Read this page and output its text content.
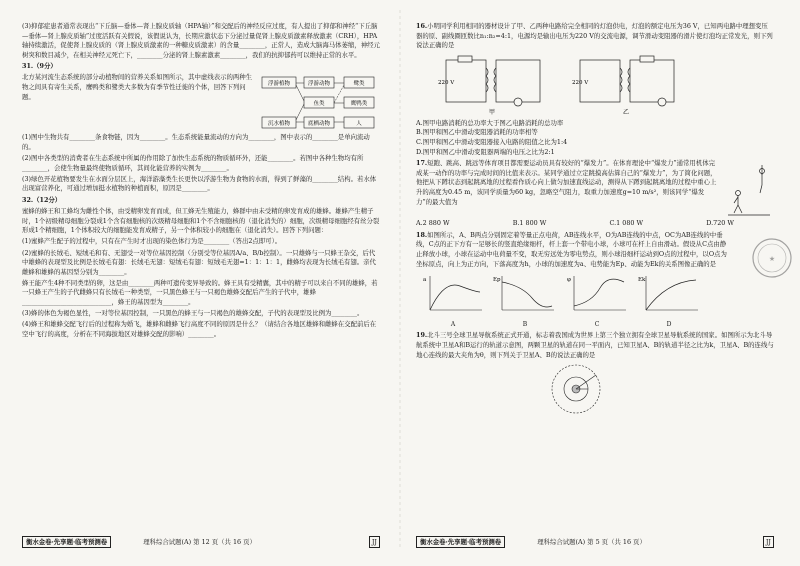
(3)抑郁症患者通常表现出“下丘脑—垂体—肾上腺皮质轴（HPA轴）”和交配后的神经反应过度，有人提出了抑郁和神经“下丘脑—垂体—肾上腺皮质轴”过度活跃有关假说，该假说认为，长期应激状态下分泌过量促肾上腺皮质激素释放激素（CRH），HPA轴持续激活，促使肾上腺皮质的（肾上腺皮质激素的一种糖皮质激素）的含量________，正常人，造成大脑海马体萎缩，神经元树突和数目减少，在相关神经元死亡下，________分泌的肾上腺素激素________，我们的抗抑郁药可以维持正常的水平。

31.（9分）

北方某河流生态系统的部分动植物间的营养关系如图所示，其中虚线表示的两种生物之间具有寄生关系，鹰鸭类和鹭类大多数为有季节性迁徙的个体，回答下列问题。

浮游植物
沉水植物
浮游动物
底栖动物
鱼类
鹭类
鹰鸭类
人

(1)图中生物共有________条食物链，因为________。生态系统能量流动的方向为________，图中表示的________是单向流动的。

(2)图中各类型的消费者在生态系统中所属的作用除了加快生态系统的物质循环外，还能________。若图中各种生物均有所________，会使生物量最终使物质循环，其间化能营养的实例为________。

(3)绿色开花植物要发生在水面分层区上，海洋游藻类生长更快以浮游生物为食物的水面，得到了鲜藻的________结构。若水体出现富营养化，可通过增加挺水植物的种植面积，原因是________。

32.（12分）

蜜蜂的蜂王和工蜂均为雌性个体，由受精卵发育而成，但工蜂无生殖能力，蜂群中由未受精的卵发育成的雄蜂。雄蜂产生精子时，1个初级精母细胞分裂成1个含有细胞核的次级精母细胞和1个不含细胞核的（退化消失的）细胞，次级精母细胞经有丝分裂形成1个精细胞，1个体积较大的细胞能发育成精子，另一个体积较小的细胞在（退化消失）。回答下列问题：

(1)蜜蜂产生配子的过程中，只有在产生时才出现的染色体行为是________（答出2点即可）。

(2)蜜蜂的长绒毛、短绒毛和有、无翅受一对等位基因控制（分别受等位基因A/a、B/b控制）。一只雄蜂与一只蜂王杂交，后代中雄蜂的表现型及比例是长绒毛有翅：长绒毛无翅：短绒毛有翅：短绒毛无翅=1：1：1：1，雌蜂均表现为长绒毛有翅。亲代雌蜂和雄蜂的基因型分别为________。

蜂王能产生4种不同类型的卵，这是由________两种可遗传变异导致的。蜂王具有受精囊，其中的精子可以来自不同的雄蜂，若一只蜂王产生的子代雌蜂只有长绒毛一种类型，一只黑色蜂王与一只褐色雄蜂交配后产生的子代中，雄蜂____________________________，蜂王的基因型为________。

(3)蜂的体色为褐色显性，一对等位基因控制，一只黑色的蜂王与一只褐色的雄蜂交配，子代的表现型及比例为________。

(4)蜂王和雄蜂交配飞行后的过程称为婚飞，雄蜂和雌蜂飞行高度不同的原因是什么？（请结合各地区雄蜂和雌蜂在交配前后在空中飞行的高度，分析在不同海拔地区对雄蜂交配的影响）________。

衡水金卷·先享题·临考预测卷	理科综合试题(A) 第 12 页（共 16 页）	JJ

16.小明同学利用相同的器材设计了甲、乙两种电路给完全相同的灯泡供电，灯泡的额定电压为36 V，已知两电路中理想变压器的原、副线圈匝数比n₁:n₂=4:1，电源均是输出电压为220 V的交流电源，调节滑动变阻器的滑片使灯泡均正常发光，则下列说法正确的是

220 V
甲
220 V
乙

A.图甲电路消耗的总功率大于图乙电路消耗的总功率

B.图甲和图乙中滑动变阻器消耗的功率相等

C.图甲和图乙中滑动变阻器接入电路的阻值之比为1:4

D.图甲和图乙中滑动变阻器两端的电压之比为2:1

17.短跑、跳高、跳远等体育项目都需要运动员具有较好的“爆发力”。在体育理论中“爆发力”通常用机体完成某一动作的功率与完成时间的比值来表示。某同学通过立定跳摸高估算自己的“爆发力”，为了简化问题，他把从下蹲状态到起跳离地的过程看作质心向上做匀加速直线运动，测得从下蹲到起跳离地的过程中重心上升的高度为0.45 m，该同学质量为60 kg，忽略空气阻力，取重力加速度g=10 m/s²，则该同学“爆发力”的最大值为

A.2 880 W	B.1 800 W	C.1 080 W	D.720 W

18.如图所示，A、B两点分别固定着等量正点电荷，AB连线水平，O为AB连线的中点，OC为AB连线的中垂线，C点的正下方有一足够长的竖直绝缘细杆，杆上套一个带电小球，小球可在杆上自由滑动。假设从C点由静止释放小球，小球在运动中电荷量不变，取无穷远处为零电势点，则小球沿细杆运动到O点的过程中，以O点为坐标原点，向上为正方向，下落高度为h，小球的加速度为a、电势能为Ep、动能为Ek的关系图像正确的是

a
A
Ep
B
φ
C
Ek
D

19.北斗三号全球卫星导航系统正式开通，标志着我国成为世界上第三个独立拥有全球卫星导航系统的国家。如图所示为北斗导航系统中卫星A和B运行的轨道示意图，两颗卫星的轨道在同一平面内，已知卫星A、B的轨道半径之比为k，卫星A、B的连线与地心连线的最大夹角为θ，则下列关于卫星A、B的说法正确的是

衡水金卷·先享题·临考预测卷	理科综合试题(A) 第 5 页（共 16 页）	JJ
★
